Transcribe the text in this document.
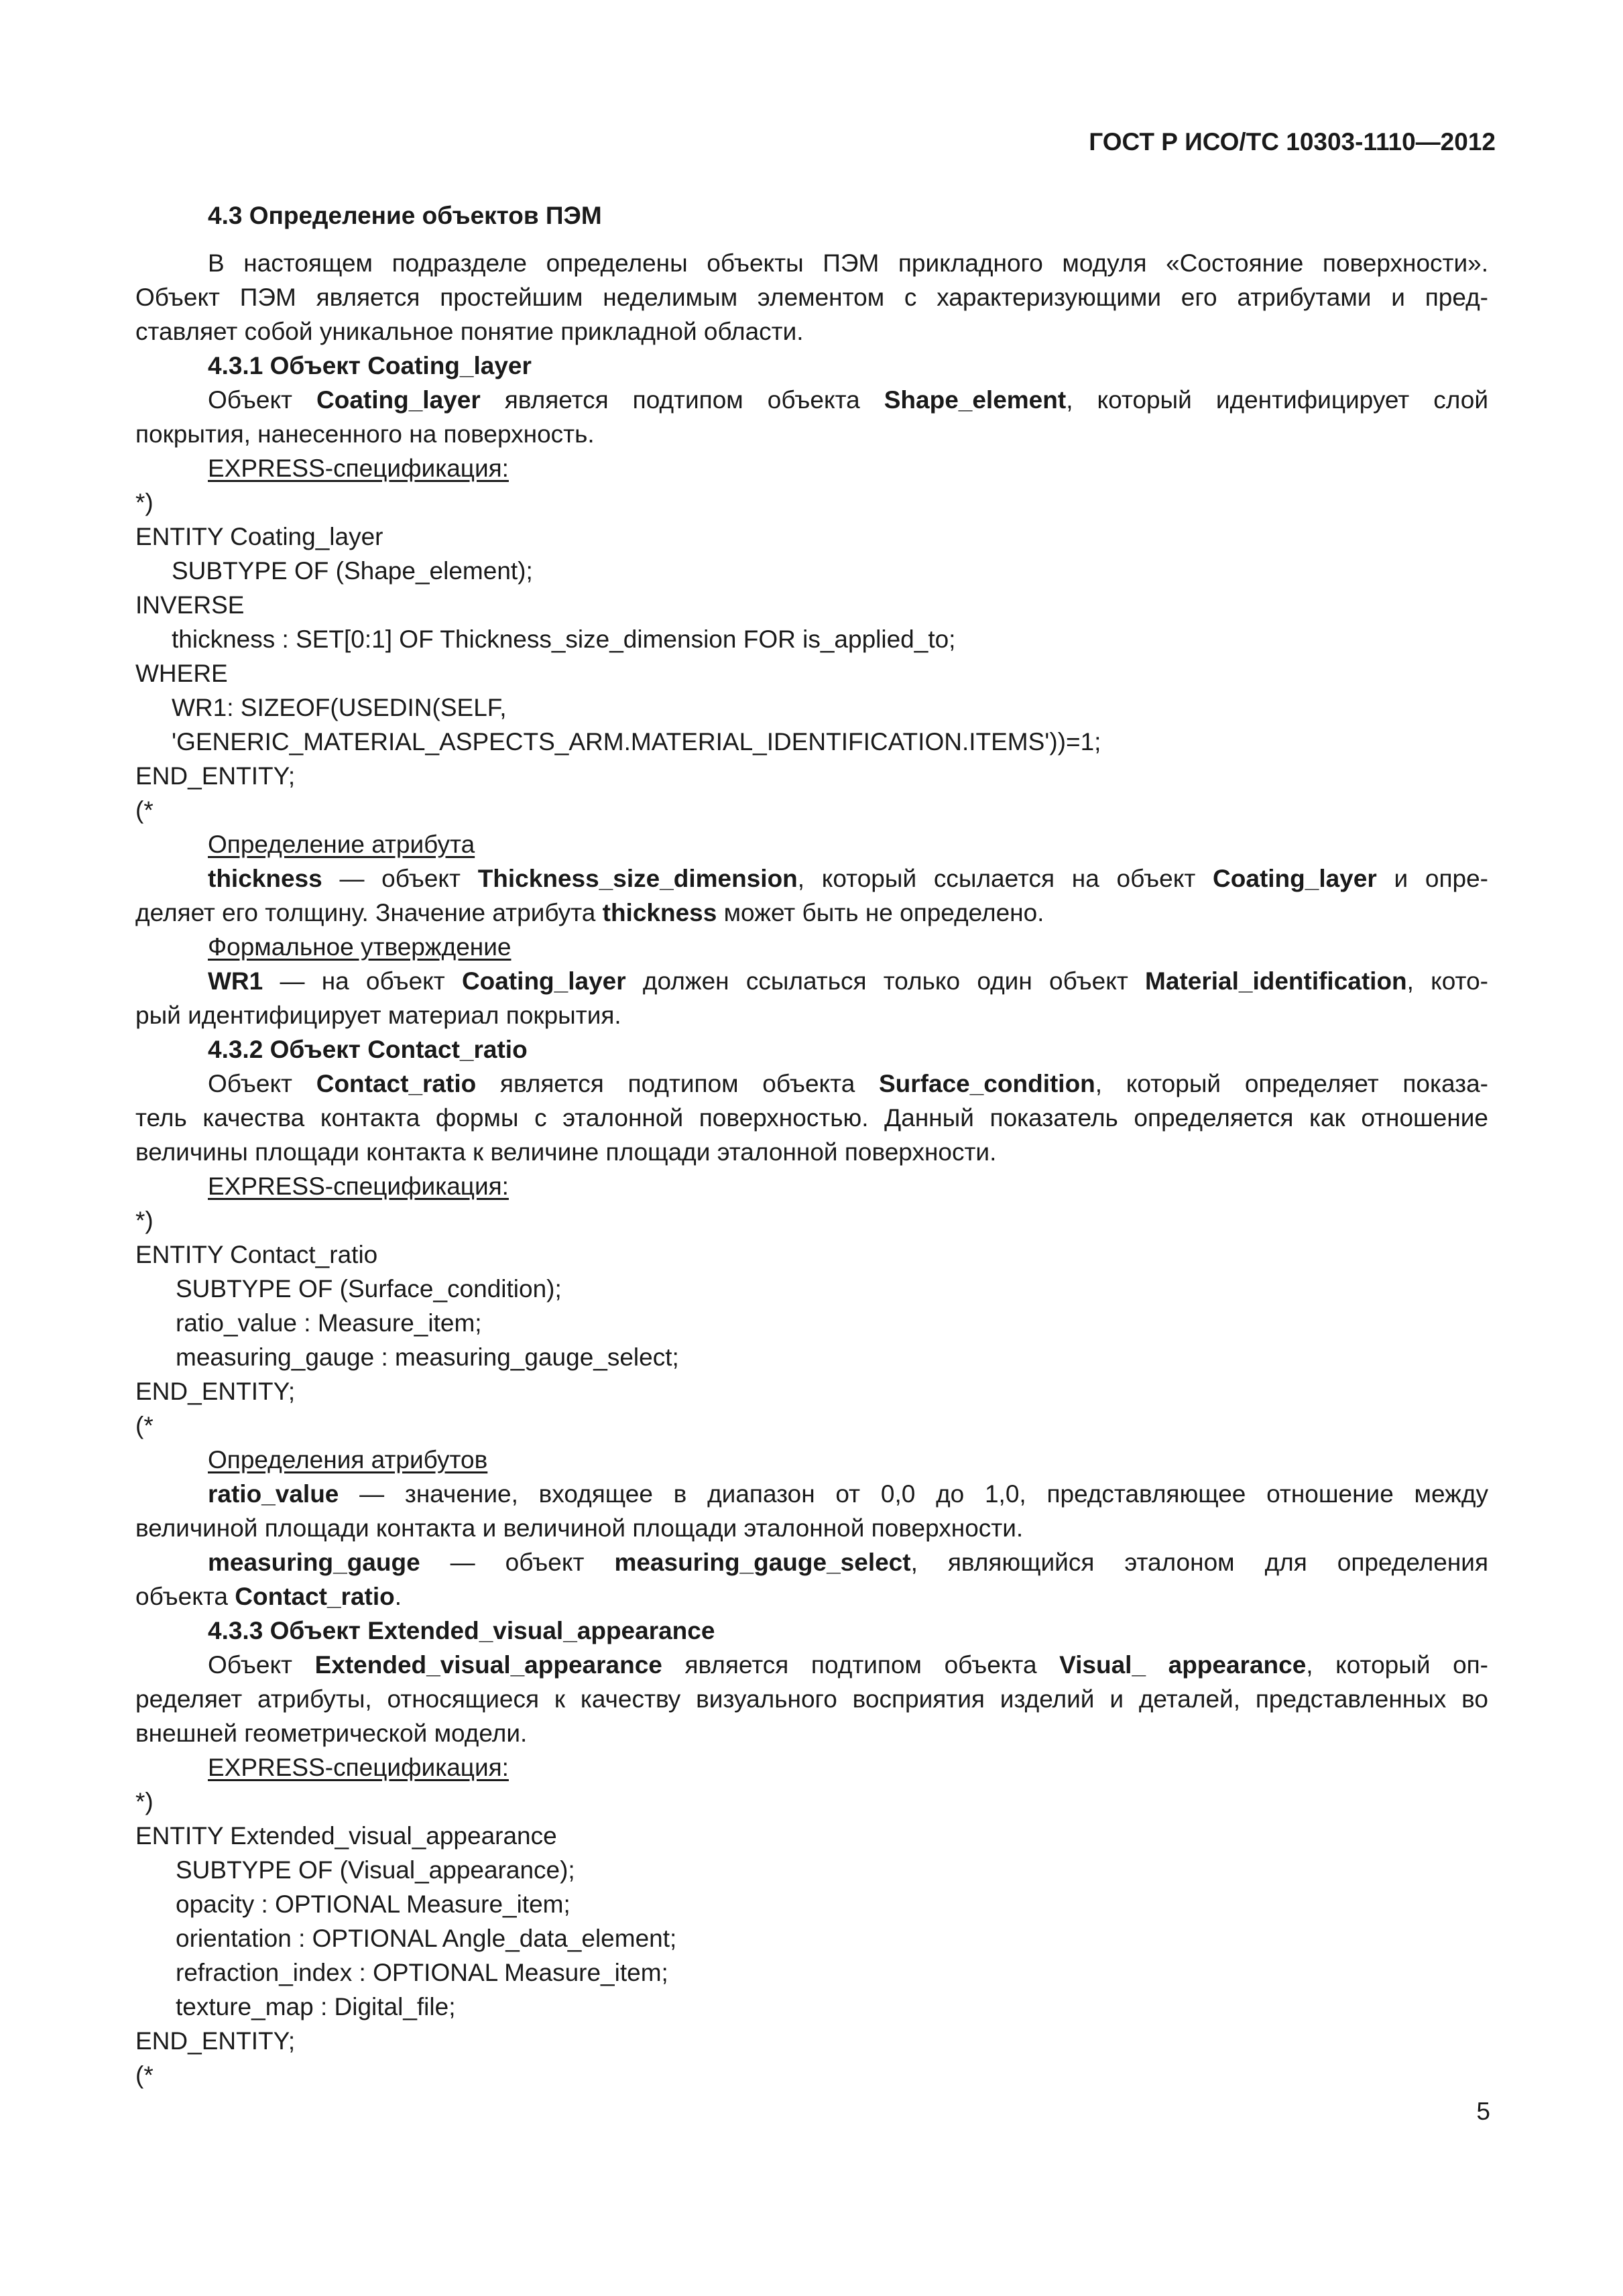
ГОСТ Р ИСО/ТС 10303-1110—2012
4.3 Определение объектов ПЭМ
В настоящем подразделе определены объекты ПЭМ прикладного модуля «Состояние поверхности».
Объект ПЭМ является простейшим неделимым элементом с характеризующими его атрибутами и пред-
ставляет собой уникальное понятие прикладной области.
4.3.1 Объект Coating_layer
Объект Coating_layer является подтипом объекта Shape_element, который идентифицирует слой
покрытия, нанесенного на поверхность.
EXPRESS-спецификация:
*)
ENTITY Coating_layer
SUBTYPE OF (Shape_element);
INVERSE
thickness : SET[0:1] OF Thickness_size_dimension FOR is_applied_to;
WHERE
WR1: SIZEOF(USEDIN(SELF,
'GENERIC_MATERIAL_ASPECTS_ARM.MATERIAL_IDENTIFICATION.ITEMS'))=1;
END_ENTITY;
(*
Определение атрибута
thickness — объект Thickness_size_dimension, который ссылается на объект Coating_layer и опре-
деляет его толщину. Значение атрибута thickness может быть не определено.
Формальное утверждение
WR1 — на объект Coating_layer должен ссылаться только один объект Material_identification, кото-
рый идентифицирует материал покрытия.
4.3.2 Объект Contact_ratio
Объект Contact_ratio является подтипом объекта Surface_condition, который определяет показа-
тель качества контакта формы с эталонной поверхностью. Данный показатель определяется как отношение
величины площади контакта к величине площади эталонной поверхности.
EXPRESS-спецификация:
*)
ENTITY Contact_ratio
SUBTYPE OF (Surface_condition);
ratio_value : Measure_item;
measuring_gauge : measuring_gauge_select;
END_ENTITY;
(*
Определения атрибутов
ratio_value — значение, входящее в диапазон от 0,0 до 1,0, представляющее отношение между
величиной площади контакта и величиной площади эталонной поверхности.
measuring_gauge — объект measuring_gauge_select, являющийся эталоном для определения
объекта Contact_ratio.
4.3.3 Объект Extended_visual_appearance
Объект Extended_visual_appearance является подтипом объекта Visual_ appearance, который оп-
ределяет атрибуты, относящиеся к качеству визуального восприятия изделий и деталей, представленных во
внешней геометрической модели.
EXPRESS-спецификация:
*)
ENTITY Extended_visual_appearance
SUBTYPE OF (Visual_appearance);
opacity : OPTIONAL Measure_item;
orientation : OPTIONAL Angle_data_element;
refraction_index : OPTIONAL Measure_item;
texture_map : Digital_file;
END_ENTITY;
(*
5
